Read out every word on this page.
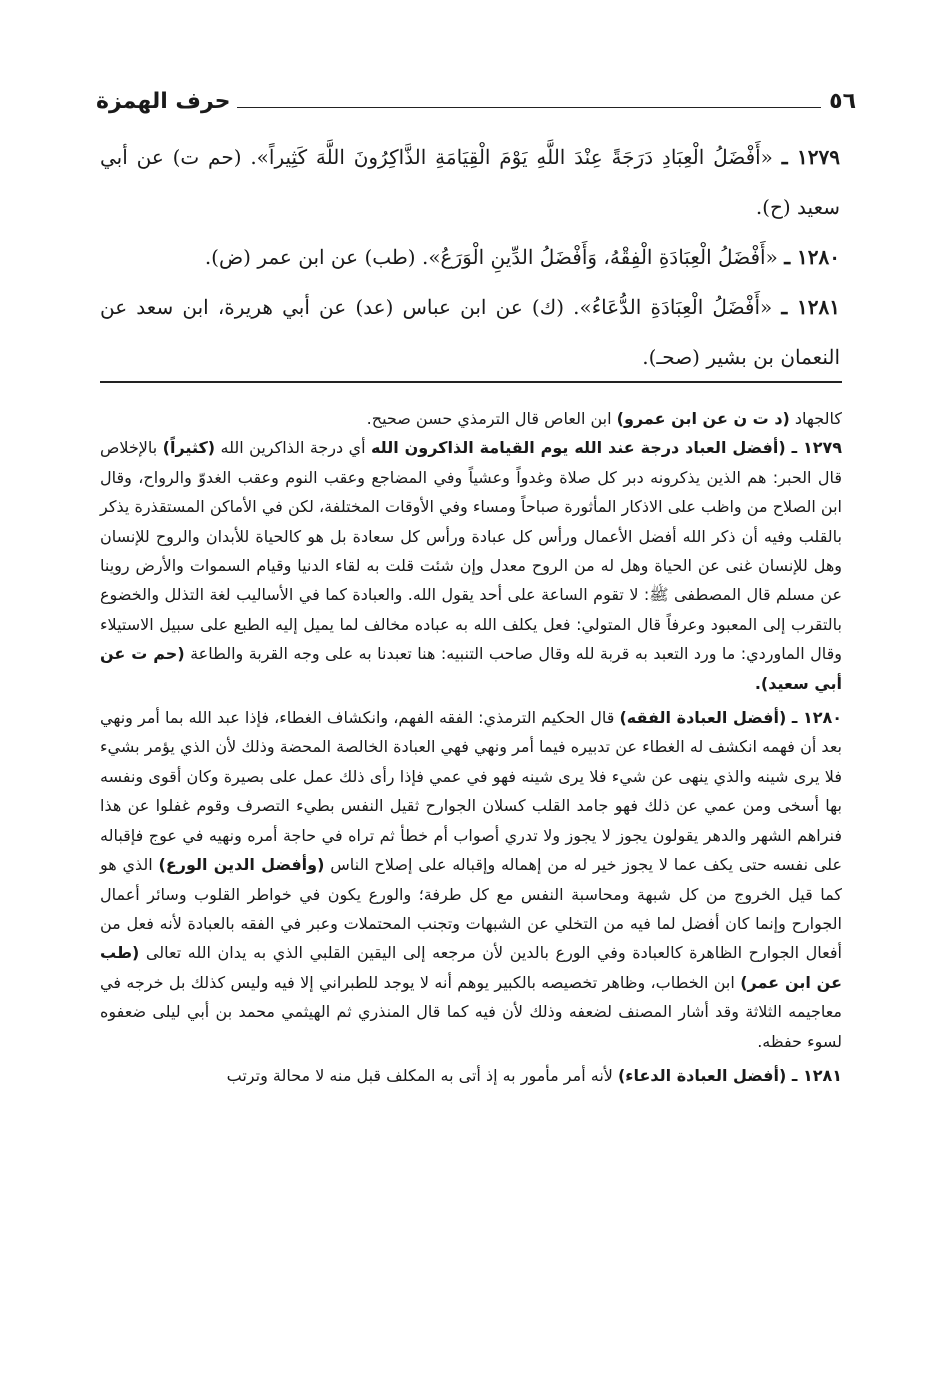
٥٦
حرف الهمزة

١٢٧٩ ـ «أَفْضَلُ الْعِبَادِ دَرَجَةً عِنْدَ اللَّهِ يَوْمَ الْقِيَامَةِ الذَّاكِرُونَ اللَّهَ كَثِيراً». (حم ت) عن أبي سعيد (ح).

١٢٨٠ ـ «أَفْضَلُ الْعِبَادَةِ الْفِقْهُ، وَأَفْضَلُ الدِّينِ الْوَرَعُ». (طب) عن ابن عمر (ض).

١٢٨١ ـ «أَفْضَلُ الْعِبَادَةِ الدُّعَاءُ». (ك) عن ابن عباس (عد) عن أبي هريرة، ابن سعد عن النعمان بن بشير (صحـ).

كالجهاد (د ت ن عن ابن عمرو) ابن العاص قال الترمذي حسن صحيح.

١٢٧٩ ـ (أفضل العباد درجة عند الله يوم القيامة الذاكرون الله أي درجة الذاكرين الله (كثيراً) بالإخلاص قال الحبر: هم الذين يذكرونه دبر كل صلاة وغدواً وعشياً وفي المضاجع وعقب النوم وعقب الغدوّ والرواح، وقال ابن الصلاح من واظب على الاذكار المأثورة صباحاً ومساء وفي الأوقات المختلفة، لكن في الأماكن المستقذرة يذكر بالقلب وفيه أن ذكر الله أفضل الأعمال ورأس كل عبادة ورأس كل سعادة بل هو كالحياة للأبدان والروح للإنسان وهل للإنسان غنى عن الحياة وهل له من الروح معدل وإن شئت قلت به لقاء الدنيا وقيام السموات والأرض روينا عن مسلم قال المصطفى ﷺ: لا تقوم الساعة على أحد يقول الله. والعبادة كما في الأساليب لغة التذلل والخضوع بالتقرب إلى المعبود وعرفاً قال المتولي: فعل يكلف الله به عباده مخالف لما يميل إليه الطبع على سبيل الاستيلاء وقال الماوردي: ما ورد التعبد به قربة لله وقال صاحب التنبيه: هنا تعبدنا به على وجه القربة والطاعة (حم ت عن أبي سعيد).

١٢٨٠ ـ (أفضل العبادة الفقه) قال الحكيم الترمذي: الفقه الفهم، وانكشاف الغطاء، فإذا عبد الله بما أمر ونهي بعد أن فهمه انكشف له الغطاء عن تدبيره فيما أمر ونهي فهي العبادة الخالصة المحضة وذلك لأن الذي يؤمر بشيء فلا يرى شينه والذي ينهى عن شيء فلا يرى شينه فهو في عمي فإذا رأى ذلك عمل على بصيرة وكان أقوى ونفسه بها أسخى ومن عمي عن ذلك فهو جامد القلب كسلان الجوارح ثقيل النفس بطيء التصرف وقوم غفلوا عن هذا فنراهم الشهر والدهر يقولون يجوز لا يجوز ولا تدري أصواب أم خطأ ثم تراه في حاجة أمره ونهيه في عوج فإقباله على نفسه حتى يكف عما لا يجوز خير له من إهماله وإقباله على إصلاح الناس (وأفضل الدين الورع) الذي هو كما قيل الخروج من كل شبهة ومحاسبة النفس مع كل طرفة؛ والورع يكون في خواطر القلوب وسائر أعمال الجوارح وإنما كان أفضل لما فيه من التخلي عن الشبهات وتجنب المحتملات وعبر في الفقه بالعبادة لأنه فعل من أفعال الجوارح الظاهرة كالعبادة وفي الورع بالدين لأن مرجعه إلى اليقين القلبي الذي به يدان الله تعالى (طب عن ابن عمر) ابن الخطاب، وظاهر تخصيصه بالكبير يوهم أنه لا يوجد للطبراني إلا فيه وليس كذلك بل خرجه في معاجيمه الثلاثة وقد أشار المصنف لضعفه وذلك لأن فيه كما قال المنذري ثم الهيثمي محمد بن أبي ليلى ضعفوه لسوء حفظه.

١٢٨١ ـ (أفضل العبادة الدعاء) لأنه أمر مأمور به إذ أتى به المكلف قبل منه لا محالة وترتب
